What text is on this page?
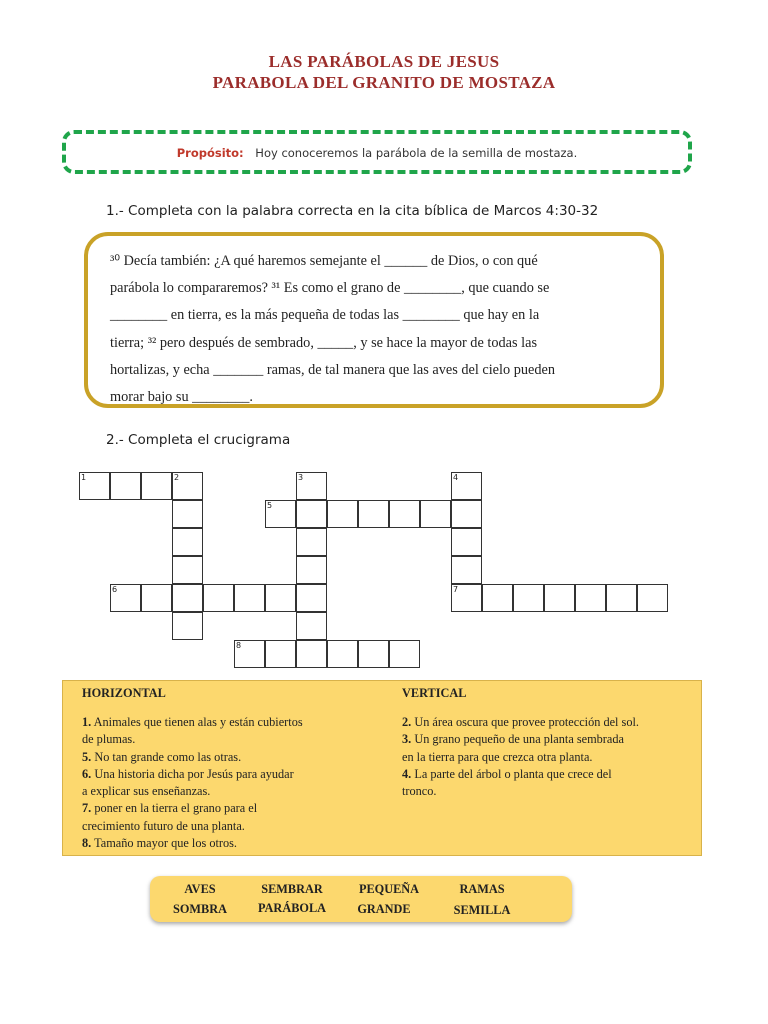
LAS PARÁBOLAS DE JESUS
PARABOLA DEL GRANITO DE MOSTAZA
Propósito: Hoy conoceremos la parábola de la semilla de mostaza.
1.- Completa con la palabra correcta en la cita bíblica de Marcos 4:30-32
³⁰ Decía también: ¿A qué haremos semejante el ______ de Dios, o con qué
parábola lo compararemos? ³¹ Es como el grano de ________, que cuando se
________ en tierra, es la más pequeña de todas las ________ que hay en la
tierra; ³² pero después de sembrado, _____, y se hace la mayor de todas las
hortalizas, y echa _______ ramas, de tal manera que las aves del cielo pueden
morar bajo su ________.
2.- Completa el crucigrama
1	2	3	4
7
5
6
8
HORIZONTAL	VERTICAL
1. Animales que tienen alas y están cubiertos
de plumas.
5. No tan grande como las otras.
6. Una historia dicha por Jesús para ayudar
a explicar sus enseñanzas.
7. poner en la tierra el grano para el
crecimiento futuro de una planta.
8. Tamaño mayor que los otros.
2. Un área oscura que provee protección del sol.
3. Un grano pequeño de una planta sembrada
en la tierra para que crezca otra planta.
4. La parte del árbol o planta que crece del
tronco.
AVES	SEMBRAR	PEQUEÑA	RAMAS
SOMBRA	PARÁBOLA	GRANDE	SEMILLA
